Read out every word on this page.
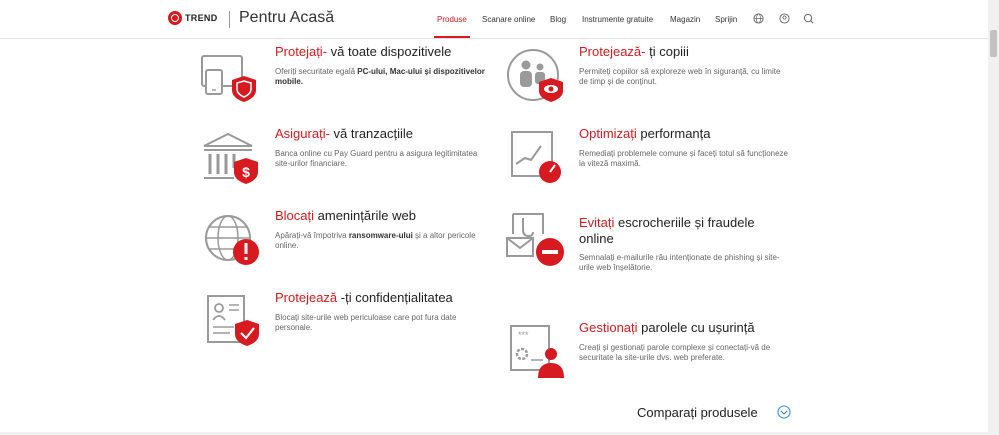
TREND Pentru Acasă	Produse Scanare online Blog Instrumente gratuite Magazin Sprijin
Protejați- vă toate dispozitivele
Oferiți securitate egală PC-ului, Mac-ului și dispozitivelor mobile.
Protejează- ți copiii
Permiteți copiilor să exploreze web în siguranță, cu limite de timp și de conținut.
$
Asigurați- vă tranzacțiile
Banca online cu Pay Guard pentru a asigura legitimitatea site-urilor financiare.
Optimizați performanța
Remediați problemele comune și faceți totul să funcționeze la viteză maximă.
Blocați amenințările web
Apărați-vă împotriva ransomware-ului și a altor pericole online.
Evitați escrocheriile și fraudele online
Semnalați e-mailurile rău intenționate de phishing și site-urile web înșelătorie.
Protejează -ți confidențialitatea
Blocați site-urile web periculoase care pot fura date personale.
***	Gestionați parolele cu ușurință
Creați și gestionați parole complexe și conectați-vă de securitate la site-urile dvs. web preferate.
Comparați produsele
